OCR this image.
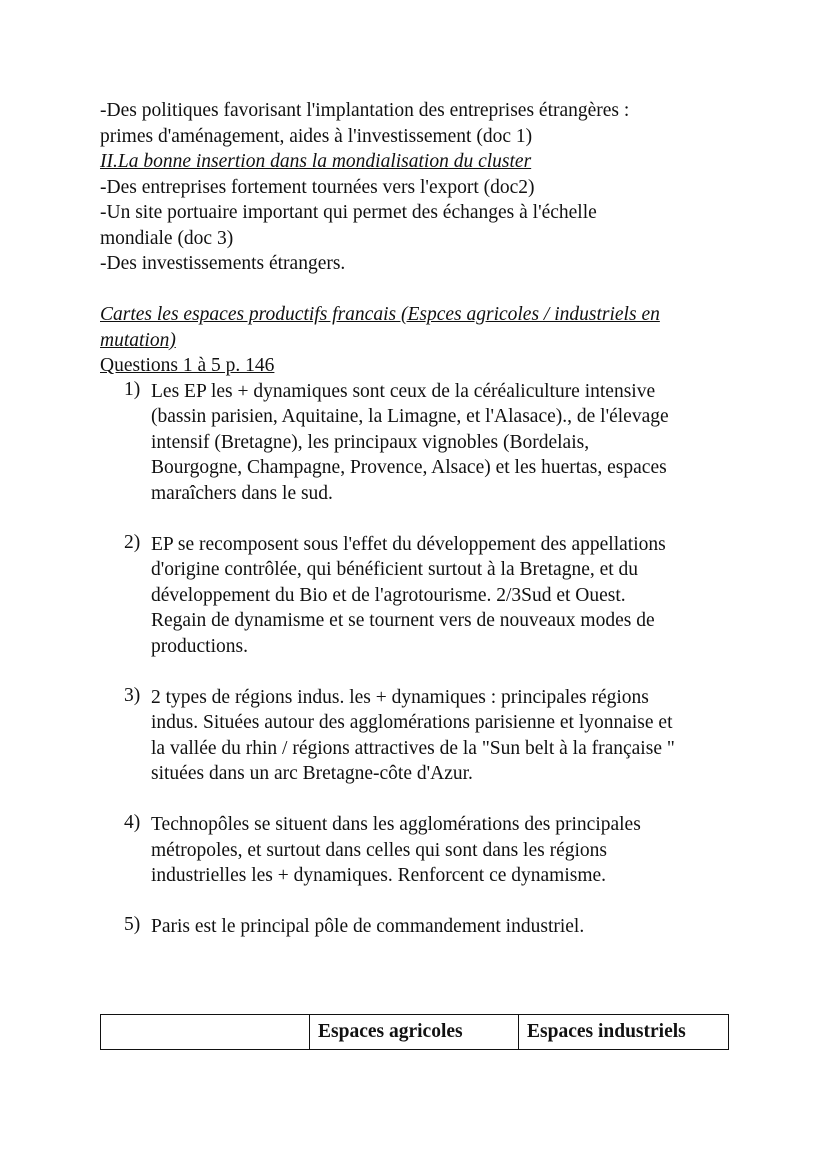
-Des politiques favorisant l'implantation des entreprises étrangères :
primes d'aménagement, aides à l'investissement (doc 1)
II.La bonne insertion dans la mondialisation du cluster
-Des entreprises fortement tournées vers l'export (doc2)
-Un site portuaire important qui permet des échanges à l'échelle
mondiale (doc 3)
-Des investissements étrangers.
Cartes les espaces productifs francais (Espces agricoles / industriels en
mutation)
Questions 1 à 5 p. 146
1) Les EP les + dynamiques sont ceux de la céréaliculture intensive
(bassin parisien, Aquitaine, la Limagne, et l'Alasace)., de l'élevage
intensif (Bretagne), les principaux vignobles (Bordelais,
Bourgogne, Champagne, Provence, Alsace) et les huertas, espaces
maraîchers dans le sud.
2) EP se recomposent sous l'effet du développement des appellations
d'origine contrôlée, qui bénéficient surtout à la Bretagne, et du
développement du Bio et de l'agrotourisme. 2/3Sud et Ouest.
Regain de dynamisme et se tournent vers de nouveaux modes de
productions.
3) 2 types de régions indus. les + dynamiques : principales régions
indus. Situées autour des agglomérations parisienne et lyonnaise et
la vallée du rhin / régions attractives de la "Sun belt à la française "
situées dans un arc Bretagne-côte d'Azur.
4) Technopôles se situent dans les agglomérations des principales
métropoles, et surtout dans celles qui sont dans les régions
industrielles les + dynamiques. Renforcent ce dynamisme.
5) Paris est le principal pôle de commandement industriel.
	Espaces agricoles	Espaces industriels
